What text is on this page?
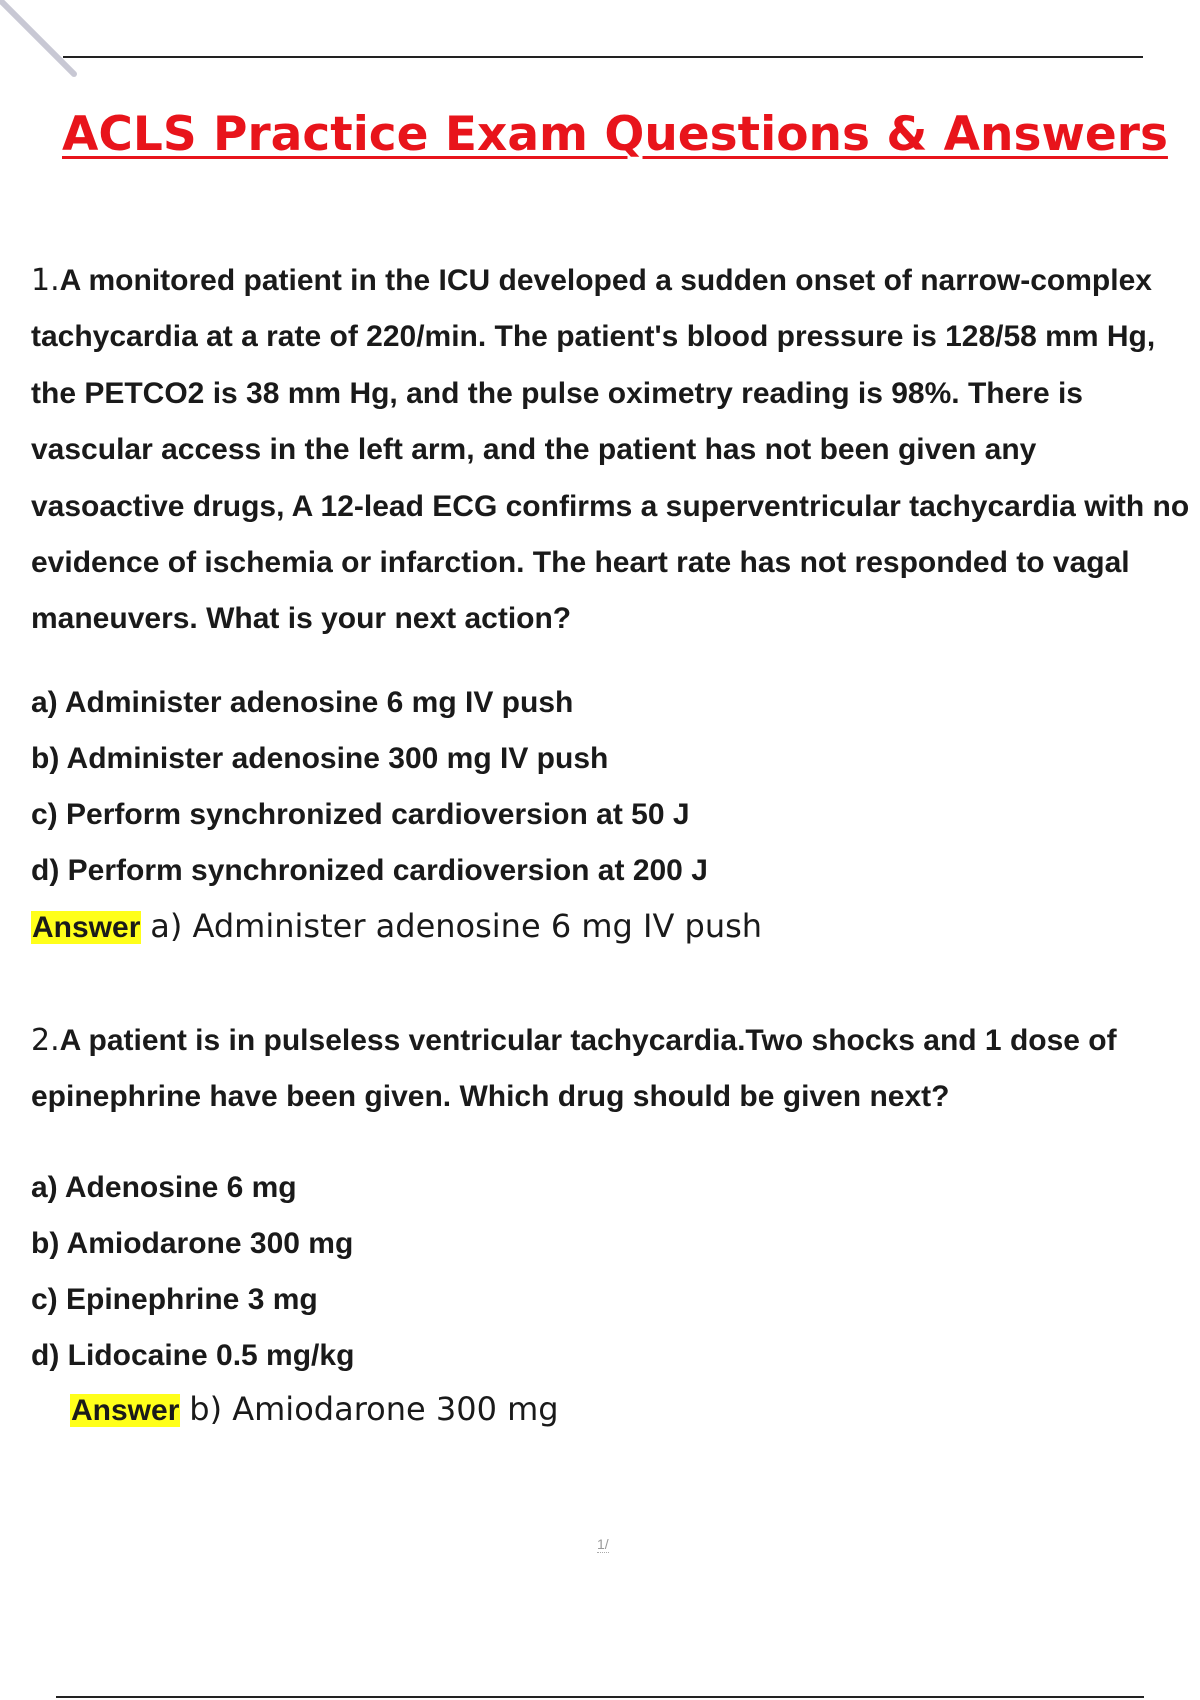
ACLS Practice Exam Questions & Answers

1.A monitored patient in the ICU developed a sudden onset of narrow-complex tachycardia at a rate of 220/min. The patient's blood pressure is 128/58 mm Hg, the PETCO2 is 38 mm Hg, and the pulse oximetry reading is 98%. There is vascular access in the left arm, and the patient has not been given any vasoactive drugs, A 12-lead ECG confirms a superventricular tachycardia with no evidence of ischemia or infarction. The heart rate has not responded to vagal maneuvers. What is your next action?

a) Administer adenosine 6 mg IV push
b) Administer adenosine 300 mg IV push
c) Perform synchronized cardioversion at 50 J
d) Perform synchronized cardioversion at 200 J
Answer a) Administer adenosine 6 mg IV push

2.A patient is in pulseless ventricular tachycardia.Two shocks and 1 dose of epinephrine have been given. Which drug should be given next?

a) Adenosine 6 mg
b) Amiodarone 300 mg
c) Epinephrine 3 mg
d) Lidocaine 0.5 mg/kg
Answer b) Amiodarone 300 mg
1/
